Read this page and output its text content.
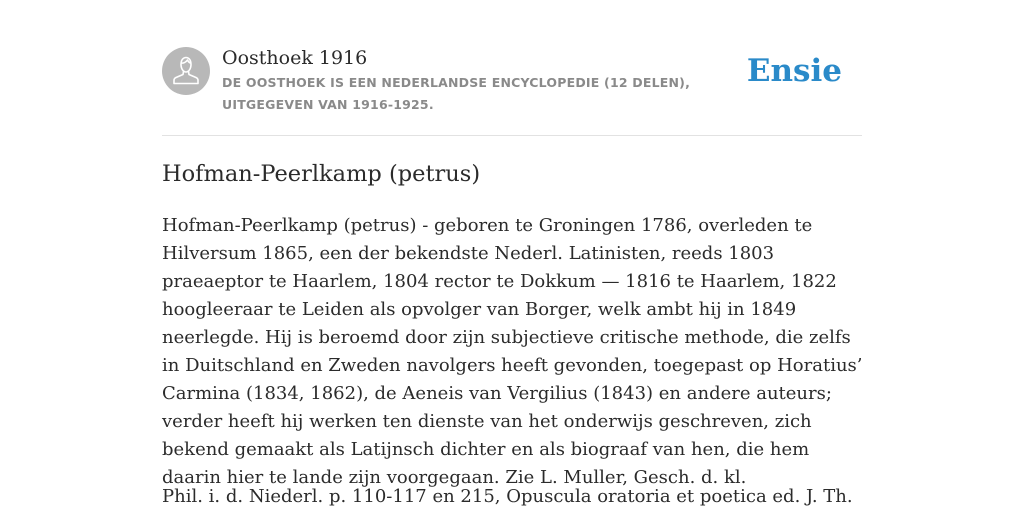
Oosthoek 1916
DE OOSTHOEK IS EEN NEDERLANDSE ENCYCLOPEDIE (12 DELEN), UITGEGEVEN VAN 1916-1925.
Ensie
Hofman-Peerlkamp (petrus)

Hofman-Peerlkamp (petrus) - geboren te Groningen 1786, overleden te Hilversum 1865, een der bekendste Nederl. Latinisten, reeds 1803 praeaeptor te Haarlem, 1804 rector te Dokkum — 1816 te Haarlem, 1822 hoogleeraar te Leiden als opvolger van Borger, welk ambt hij in 1849 neerlegde. Hij is beroemd door zijn subjectieve critische methode, die zelfs in Duitschland en Zweden navolgers heeft gevonden, toegepast op Horatius’ Carmina (1834, 1862), de Aeneis van Vergilius (1843) en andere auteurs; verder heeft hij werken ten dienste van het onderwijs geschreven, zich bekend gemaakt als Latijnsch dichter en als biograaf van hen, die hem daarin hier te lande zijn voorgegaan. Zie L. Muller, Gesch. d. kl.

Phil. i. d. Niederl. p. 110-117 en 215, Opuscula oratoria et poetica ed. J. Th.
